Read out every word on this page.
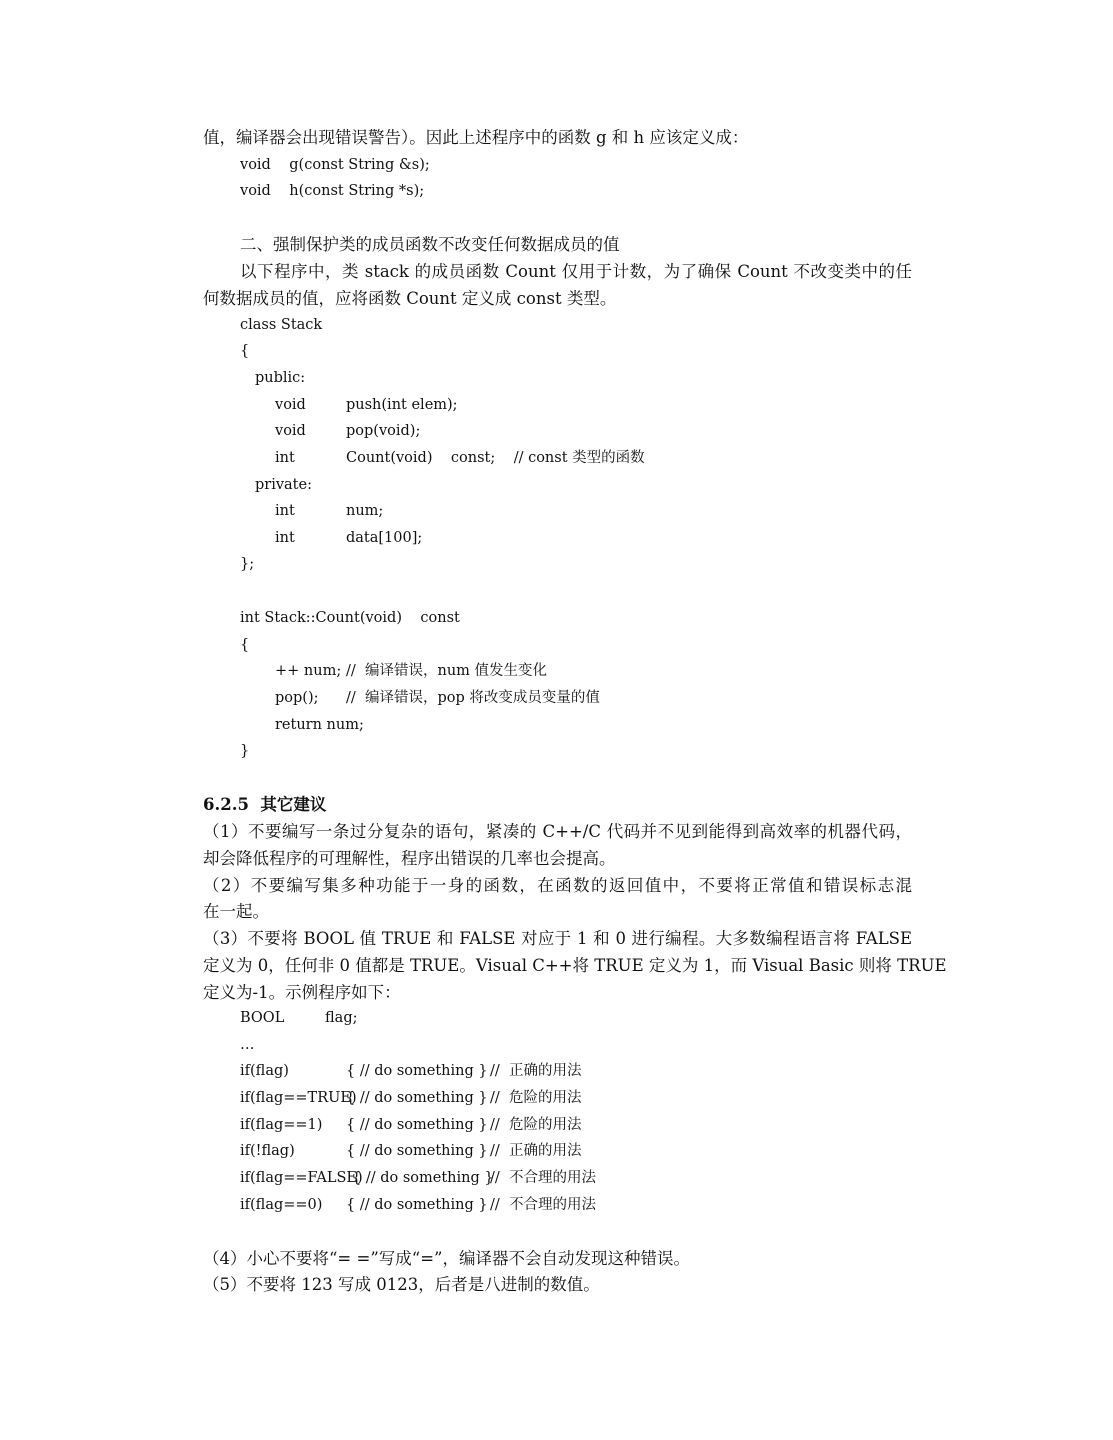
值，编译器会出现错误警告）。因此上述程序中的函数 g 和 h 应该定义成：
void    g(const String &s);
void    h(const String *s);
二、强制保护类的成员函数不改变任何数据成员的值
以下程序中，类 stack 的成员函数 Count 仅用于计数，为了确保 Count 不改变类中的任
何数据成员的值，应将函数 Count 定义成 const 类型。
class Stack
{
public:
void	push(int elem);
void	pop(void);
int	Count(void)    const;    // const 类型的函数
private:
int	num;
int	data[100];
};
int Stack::Count(void)    const
{
++ num; //  编译错误，num 值发生变化
pop(); //  编译错误，pop 将改变成员变量的值
return num;
}
6.2.5  其它建议
（1）不要编写一条过分复杂的语句，紧凑的 C++/C 代码并不见到能得到高效率的机器代码，
却会降低程序的可理解性，程序出错误的几率也会提高。
（2）不要编写集多种功能于一身的函数，在函数的返回值中，不要将正常值和错误标志混
在一起。
（3）不要将 BOOL 值 TRUE 和 FALSE 对应于 1 和 0 进行编程。大多数编程语言将 FALSE
定义为 0，任何非 0 值都是 TRUE。Visual C++将 TRUE 定义为 1，而 Visual Basic 则将 TRUE
定义为-1。示例程序如下：
BOOL	flag;
…
if(flag)	{ // do something } //  正确的用法
if(flag==TRUE)
{ // do something } //  危险的用法
if(flag==1) { // do something } //  危险的用法
if(!flag)	{ // do something } //  正确的用法
if(flag==FALSE)
{ // do something }
//  不合理的用法
if(flag==0) { // do something } //  不合理的用法
（4）小心不要将“= =”写成“=”，编译器不会自动发现这种错误。
（5）不要将 123 写成 0123，后者是八进制的数值。
